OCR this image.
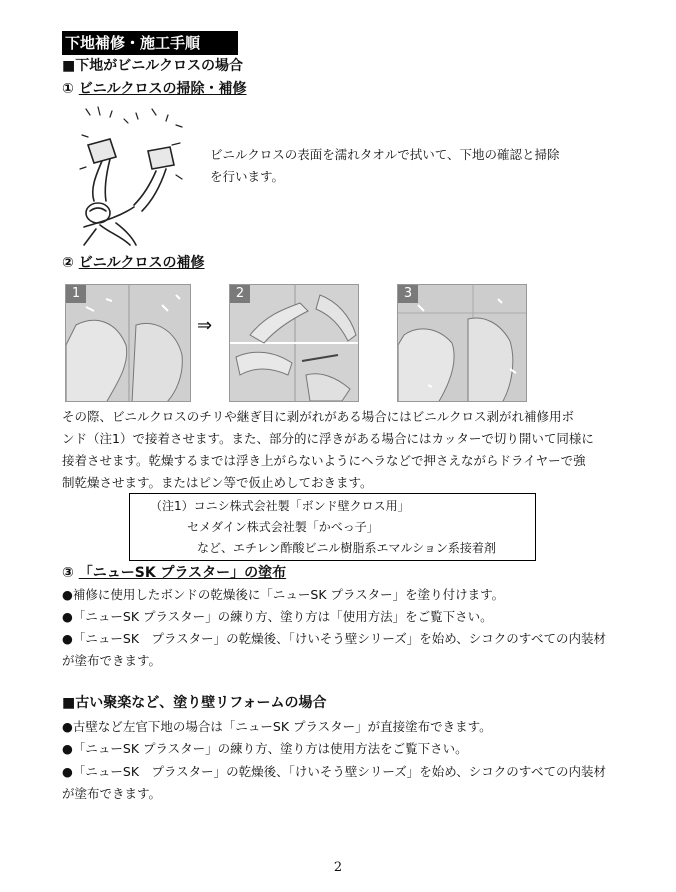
下地補修・施工手順
■下地がビニルクロスの場合
① ビニルクロスの掃除・補修
ビニルクロスの表面を濡れタオルで拭いて、下地の確認と掃除
を行います。
② ビニルクロスの補修
1
⇒
2	3
その際、ビニルクロスのチリや継ぎ目に剥がれがある場合にはビニルクロス剥がれ補修用ボ
ンド（注1）で接着させます。また、部分的に浮きがある場合にはカッターで切り開いて同様に
接着させます。乾燥するまでは浮き上がらないようにヘラなどで押さえながらドライヤーで強
制乾燥させます。またはピン等で仮止めしておきます。
（注1）コニシ株式会社製「ボンド壁クロス用」
セメダイン株式会社製「かべっ子」
など、エチレン酢酸ビニル樹脂系エマルション系接着剤
③ 「ニューSK プラスター」の塗布
●補修に使用したボンドの乾燥後に「ニューSK プラスター」を塗り付けます。
●「ニューSK プラスター」の練り方、塗り方は「使用方法」をご覧下さい。
●「ニューSK　プラスター」の乾燥後、「けいそう壁シリーズ」を始め、シコクのすべての内装材
が塗布できます。
■古い聚楽など、塗り壁リフォームの場合
●古壁など左官下地の場合は「ニューSK プラスター」が直接塗布できます。
●「ニューSK プラスター」の練り方、塗り方は使用方法をご覧下さい。
●「ニューSK　プラスター」の乾燥後、「けいそう壁シリーズ」を始め、シコクのすべての内装材
が塗布できます。
2
